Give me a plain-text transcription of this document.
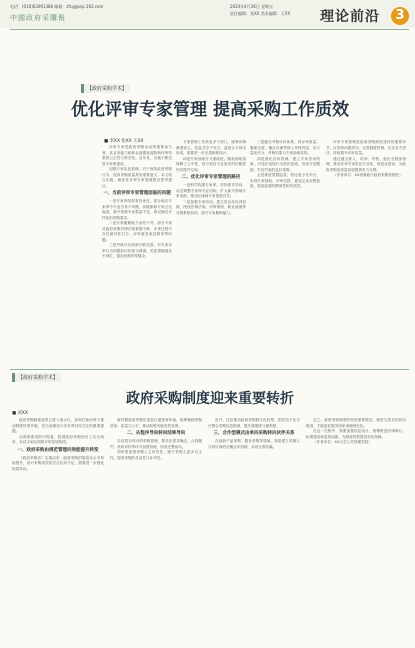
电话：(010)63691380 邮箱：zfcg@vip.163.com
中國政府采購報
2024年4月26日 星期五
责任编辑：张XX 美术编辑：王XX 理论前沿	3
【政府采购学术】
优化评审专家管理 提高采购工作质效
■ 李XX 张XX 王XX

评审专家是政府采购活动的重要参与者，其业务能力和职业道德直接影响评审结果的公正性与科学性。近年来，各地不断完善专家库建设。

加强专家队伍管理，对于规范政府采购行为、提高采购质量具有重要意义。本文结合实践，就优化评审专家管理提出思考建议。

一、当前评审专家管理面临的问题

一是专家库结构有待优化。部分地区专家库中专业分布不均衡，高级职称专家占比偏高，新兴领域专家数量不足，难以满足多样化的采购需求。

二是专家履职能力参差不齐。部分专家对政府采购法律法规掌握不够，评审过程中存在倾向性打分、评审意见表述简单等问题。

三是考核评价机制不够完善。对专家评审行为的跟踪评价较为薄弱，奖惩措施落实不到位，退出机制有待健全。

专家管理工作涉及多个部门，统筹协调难度较大，信息共享不充分，监管合力尚未形成，需要进一步完善制度设计。

四是专家抽取方式需改进。随机抽取虽保障了公平性，但与项目专业需求的匹配度仍有提升空间。

二、优化评审专家管理的路径

一是科学构建专家库。坚持需求导向，动态调整专家库专业结构，扩大新兴领域专家来源，推动区域间专家资源共享。

二是加强专家培训。建立常态化培训机制，围绕法律法规、评审规则、职业道德等开展系统培训，提升专家履职能力。

三是健全考核评价体系。将评审质量、履职态度、廉洁自律等纳入考核内容，实行量化评分，考核结果与专家抽取挂钩。

四是强化信用管理。建立专家信用档案，对违法违规行为依法惩戒，形成守信激励、失信约束的良好氛围。

五是推进智慧监管。依托电子化平台，实现专家抽取、评审过程、意见记录全程留痕，提高监管的精准性和有效性。

评审专家管理是政府采购制度建设的重要环节。应坚持问题导向，完善制度机制，压实各方责任，持续提升评审质量。

通过健全准入、培训、考核、退出全链条管理，推动评审专家队伍专业化、规范化建设，为政府采购高质量发展提供有力支撑。

（作者单位：XX省财政厅政府采购管理处）

【政府采购学术】
政府采购制度迎来重要转折
■ 刘XX

政府采购制度改革已进入深水区，如何在新形势下推动制度转型升级，是当前理论与实务界共同关注的重要课题。

从制度建设的历程看，我国政府采购经历了从无到有、从试点到全面推开的发展阶段。

一、政府采购由规范管理向效能提升转变

《政府采购法》实施以来，政府采购的规范化水平持续提升，但对采购绩效的关注仍有不足，需要进一步强化结果导向。

新时期政府采购应更加注重物有所值，统筹兼顾采购效率、质量与公平，推动政策功能有效发挥。

二、从程序导向转向结果导向

以结果为导向的采购管理，要求在需求确定、合同履约、验收评价等环节加强管理，形成完整闭环。

同时要加强采购人主体责任，赋予采购人更多自主权，提高采购的灵活性与针对性。

此外，还应推动政府采购数字化转型，依托电子化平台整合采购信息资源，提升透明度与便利度。

三、合作型模式由单向采购转向伙伴关系

在创新产品采购、服务采购等领域，探索建立采购人与供应商的长期合作机制，实现互利共赢。

总之，政府采购制度的转型需要理念、制度与技术的协同推进，才能更好服务国家治理现代化。

在这一过程中，需要加强顶层设计，统筹推进法律修订、标准建设和监管创新，为制度转型提供坚实保障。

（作者单位：XX大学公共管理学院）
